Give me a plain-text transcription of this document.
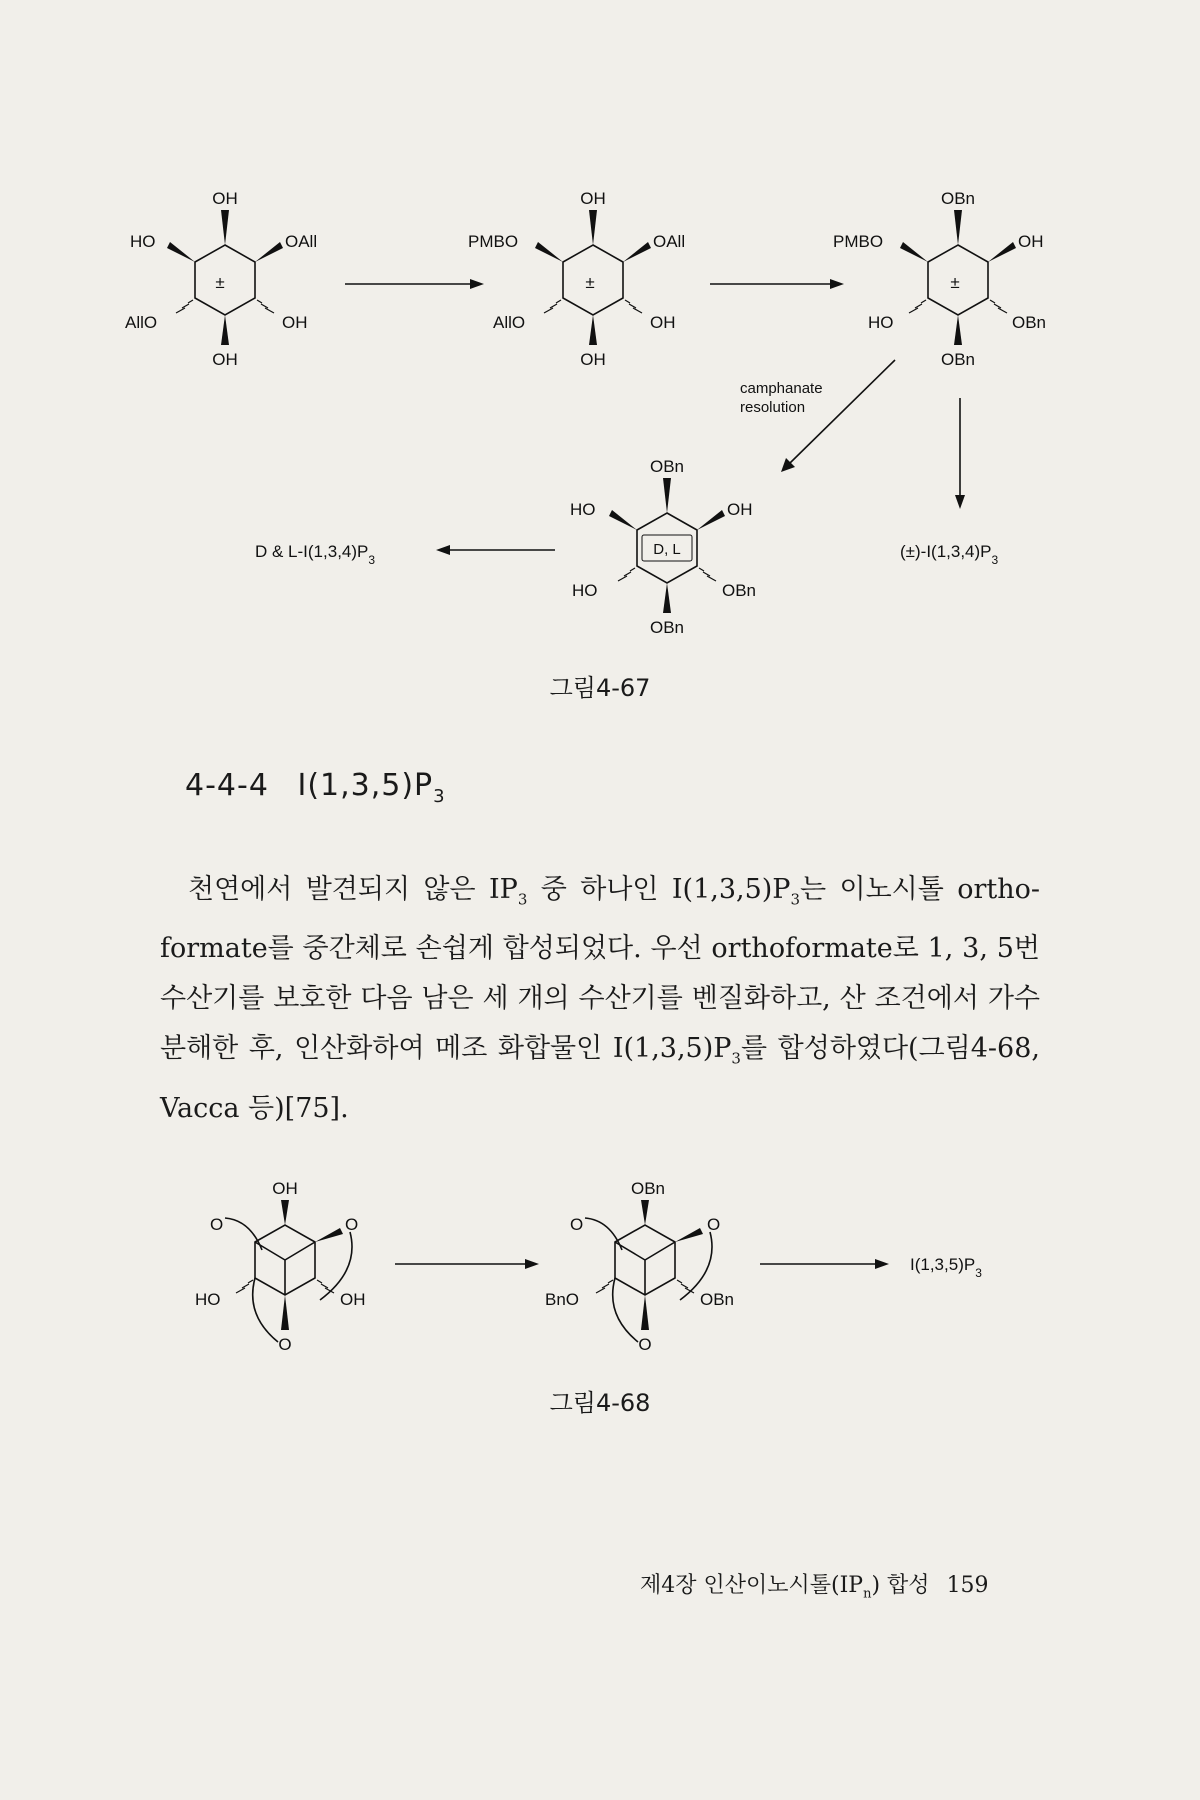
±
OH
HO	OAll
AllO	OH
OH
±
OH
PMBO	OAll
AllO	OH
OH
±
OBn
PMBO	OH
HO	OBn
OBn
camphanate
resolution
D, L
OBn
HO	OH
HO	OBn
OBn
D & $L-I(1,3,4)P_3$	$(\pm)-I(1,3,4)P_3$
그림4-67
4-4-4 $I(1,3,5)P_3$
천연에서 발견되지 않은 $IP_3$ 중 하나인 $I(1,3,5)P_3$는 이노시톨 ortho-formate를 중간체로 손쉽게 합성되었다. 우선 orthoformate로 1, 3, 5번 수산기를 보호한 다음 남은 세 개의 수산기를 벤질화하고, 산 조건에서 가수 분해한 후, 인산화하여 메조 화합물인 $I(1,3,5)P_3$를 합성하였다(그림4-68, Vacca 등)[75].
OH
O	O
O
HO	OH
OBn
O	O
O
BnO	OBn
$I(1,3,5)P_3$
그림4-68
제4장 인산이노시톨$(IP_n)$ 합성 159
